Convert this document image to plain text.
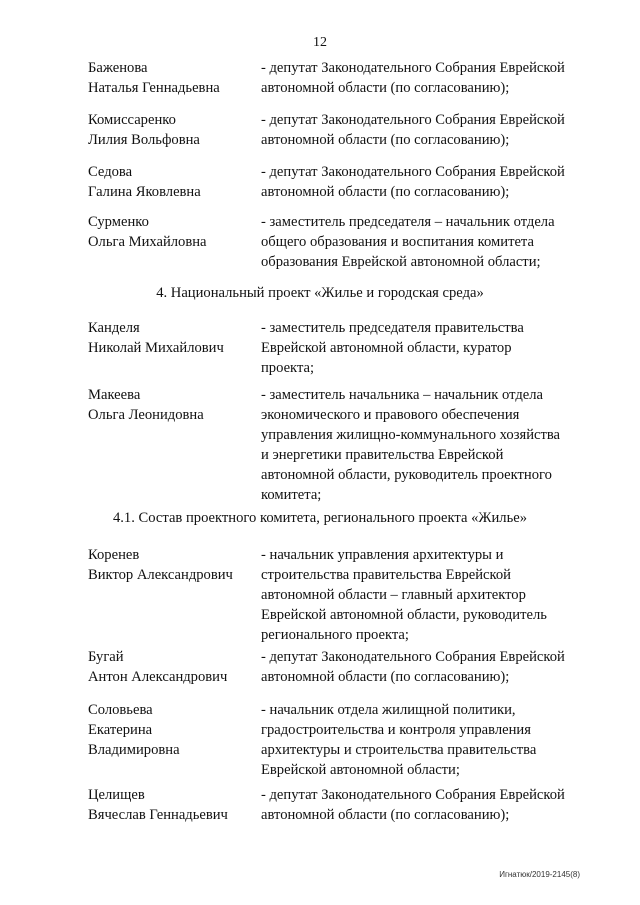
12
Баженова
Наталья Геннадьевна
- депутат Законодательного Собрания Еврейской
автономной области (по согласованию);
Комиссаренко
Лилия Вольфовна
- депутат Законодательного Собрания Еврейской
автономной области (по согласованию);
Седова
Галина Яковлевна
- депутат Законодательного Собрания Еврейской
автономной области (по согласованию);
Сурменко
Ольга Михайловна
- заместитель председателя – начальник отдела
общего образования и воспитания комитета
образования Еврейской автономной области;
4. Национальный проект «Жилье и городская среда»
Канделя
Николай Михайлович
- заместитель председателя правительства
Еврейской автономной области, куратор
проекта;
Макеева
Ольга Леонидовна
- заместитель начальника – начальник отдела
экономического и правового обеспечения
управления жилищно-коммунального хозяйства
и энергетики правительства Еврейской
автономной области, руководитель проектного
комитета;
4.1. Состав проектного комитета, регионального проекта «Жилье»
Коренев
Виктор Александрович
- начальник управления архитектуры и
строительства правительства Еврейской
автономной области – главный архитектор
Еврейской автономной области, руководитель
регионального проекта;
Бугай
Антон Александрович
- депутат Законодательного Собрания Еврейской
автономной области (по согласованию);
Соловьева
Екатерина
Владимировна
- начальник отдела жилищной политики,
градостроительства и контроля управления
архитектуры и строительства правительства
Еврейской автономной области;
Целищев
Вячеслав Геннадьевич
- депутат Законодательного Собрания Еврейской
автономной области (по согласованию);
Игнатюк/2019-2145(8)
